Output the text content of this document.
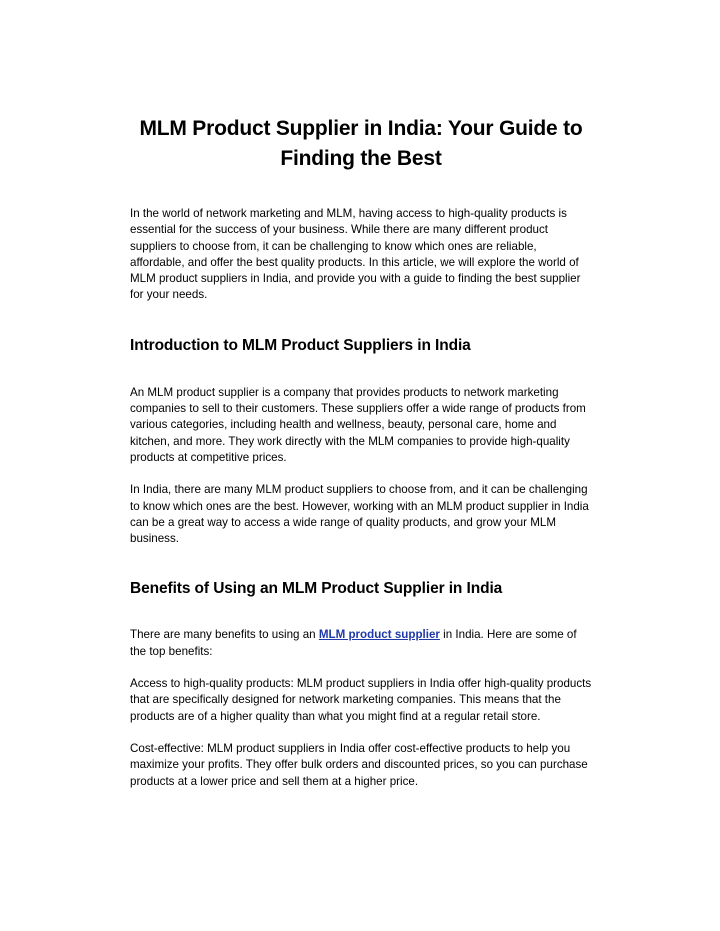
MLM Product Supplier in India: Your Guide to Finding the Best

In the world of network marketing and MLM, having access to high-quality products is essential for the success of your business. While there are many different product suppliers to choose from, it can be challenging to know which ones are reliable, affordable, and offer the best quality products. In this article, we will explore the world of MLM product suppliers in India, and provide you with a guide to finding the best supplier for your needs.

Introduction to MLM Product Suppliers in India

An MLM product supplier is a company that provides products to network marketing companies to sell to their customers. These suppliers offer a wide range of products from various categories, including health and wellness, beauty, personal care, home and kitchen, and more. They work directly with the MLM companies to provide high-quality products at competitive prices.

In India, there are many MLM product suppliers to choose from, and it can be challenging to know which ones are the best. However, working with an MLM product supplier in India can be a great way to access a wide range of quality products, and grow your MLM business.

Benefits of Using an MLM Product Supplier in India

There are many benefits to using an MLM product supplier in India. Here are some of the top benefits:

Access to high-quality products: MLM product suppliers in India offer high-quality products that are specifically designed for network marketing companies. This means that the products are of a higher quality than what you might find at a regular retail store.

Cost-effective: MLM product suppliers in India offer cost-effective products to help you maximize your profits. They offer bulk orders and discounted prices, so you can purchase products at a lower price and sell them at a higher price.
